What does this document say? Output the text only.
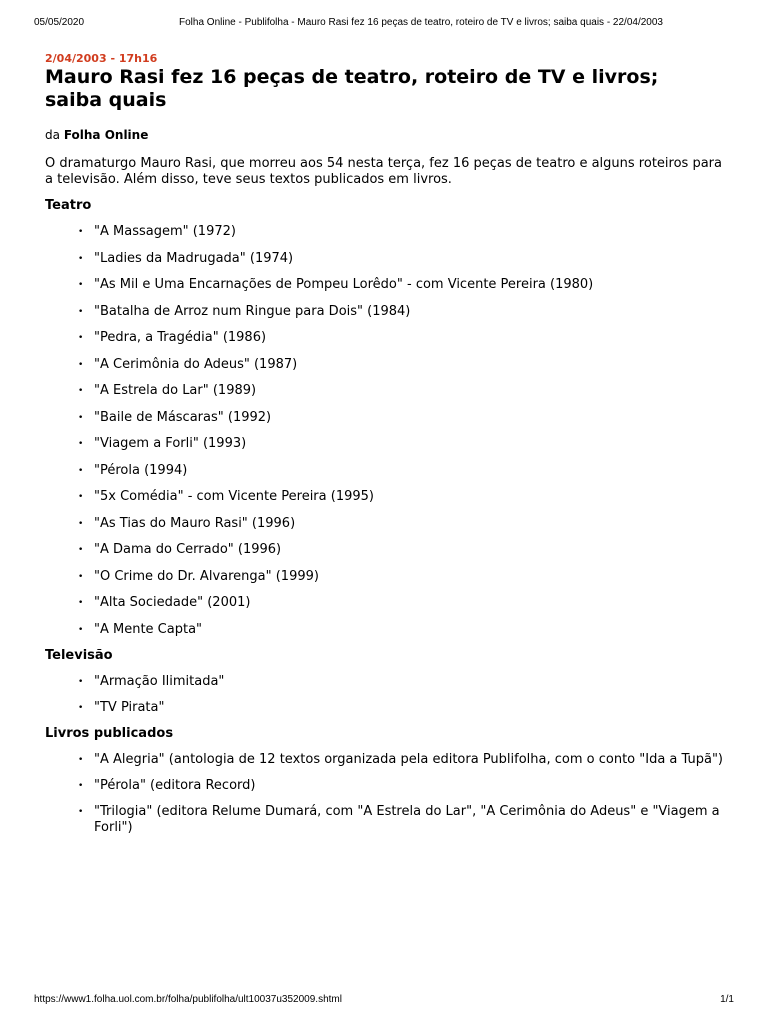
05/05/2020	Folha Online - Publifolha - Mauro Rasi fez 16 peças de teatro, roteiro de TV e livros; saiba quais - 22/04/2003

2/04/2003 - 17h16

Mauro Rasi fez 16 peças de teatro, roteiro de TV e livros; saiba quais

da Folha Online

O dramaturgo Mauro Rasi, que morreu aos 54 nesta terça, fez 16 peças de teatro e alguns roteiros para a televisão. Além disso, teve seus textos publicados em livros.

Teatro
• "A Massagem" (1972)
• "Ladies da Madrugada" (1974)
• "As Mil e Uma Encarnações de Pompeu Lorêdo" - com Vicente Pereira (1980)
• "Batalha de Arroz num Ringue para Dois" (1984)
• "Pedra, a Tragédia" (1986)
• "A Cerimônia do Adeus" (1987)
• "A Estrela do Lar" (1989)
• "Baile de Máscaras" (1992)
• "Viagem a Forli" (1993)
• "Pérola (1994)
• "5x Comédia" - com Vicente Pereira (1995)
• "As Tias do Mauro Rasi" (1996)
• "A Dama do Cerrado" (1996)
• "O Crime do Dr. Alvarenga" (1999)
• "Alta Sociedade" (2001)
• "A Mente Capta"
Televisão
• "Armação Ilimitada"
• "TV Pirata"
Livros publicados
• "A Alegria" (antologia de 12 textos organizada pela editora Publifolha, com o conto "Ida a Tupã")
• "Pérola" (editora Record)
• "Trilogia" (editora Relume Dumará, com "A Estrela do Lar", "A Cerimônia do Adeus" e "Viagem a Forli")
https://www1.folha.uol.com.br/folha/publifolha/ult10037u352009.shtml	1/1
